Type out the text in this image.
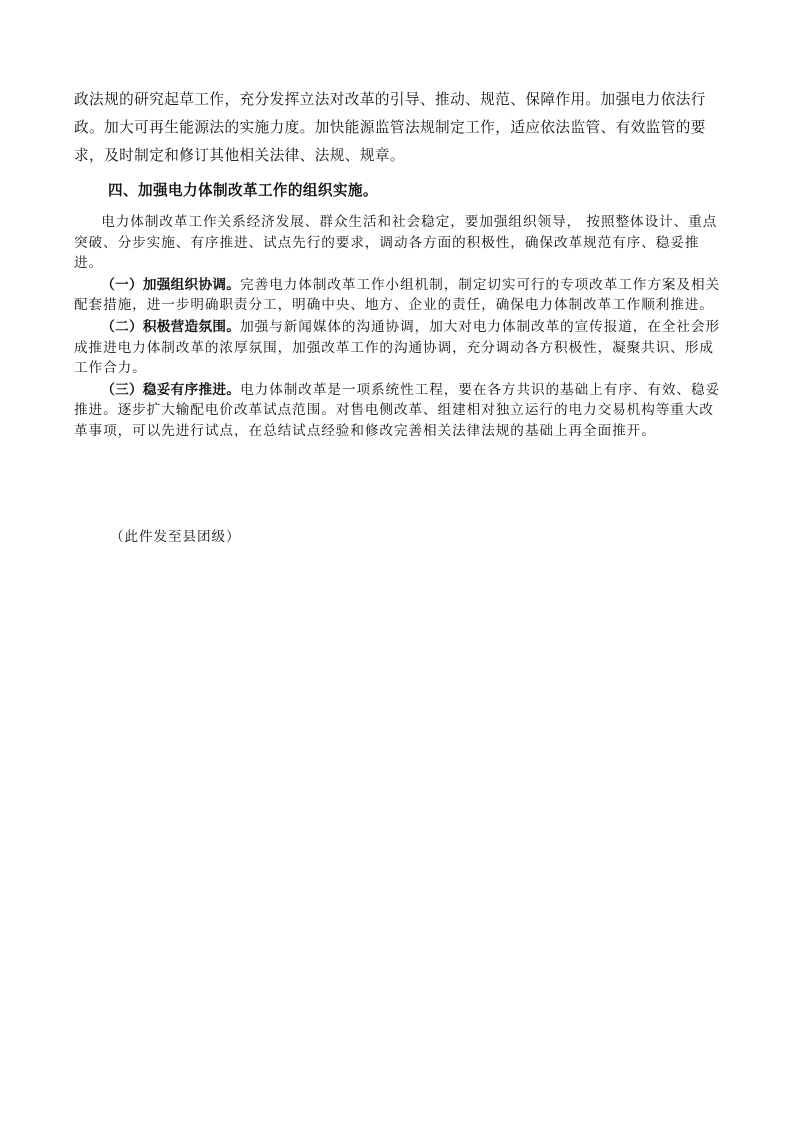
政法规的研究起草工作，充分发挥立法对改革的引导、推动、规范、保障作用。加强电力依法行政。加大可再生能源法的实施力度。加快能源监管法规制定工作，适应依法监管、有效监管的要求，及时制定和修订其他相关法律、法规、规章。

四、加强电力体制改革工作的组织实施。

电力体制改革工作关系经济发展、群众生活和社会稳定，要加强组织领导， 按照整体设计、重点突破、分步实施、有序推进、试点先行的要求，调动各方面的积极性，确保改革规范有序、稳妥推进。

（一）加强组织协调。完善电力体制改革工作小组机制，制定切实可行的专项改革工作方案及相关配套措施，进一步明确职责分工，明确中央、地方、企业的责任，确保电力体制改革工作顺利推进。

（二）积极营造氛围。加强与新闻媒体的沟通协调，加大对电力体制改革的宣传报道，在全社会形成推进电力体制改革的浓厚氛围，加强改革工作的沟通协调，充分调动各方积极性，凝聚共识、形成工作合力。

（三）稳妥有序推进。电力体制改革是一项系统性工程，要在各方共识的基础上有序、有效、稳妥推进。逐步扩大输配电价改革试点范围。对售电侧改革、组建相对独立运行的电力交易机构等重大改革事项，可以先进行试点，在总结试点经验和修改完善相关法律法规的基础上再全面推开。

（此件发至县团级）
